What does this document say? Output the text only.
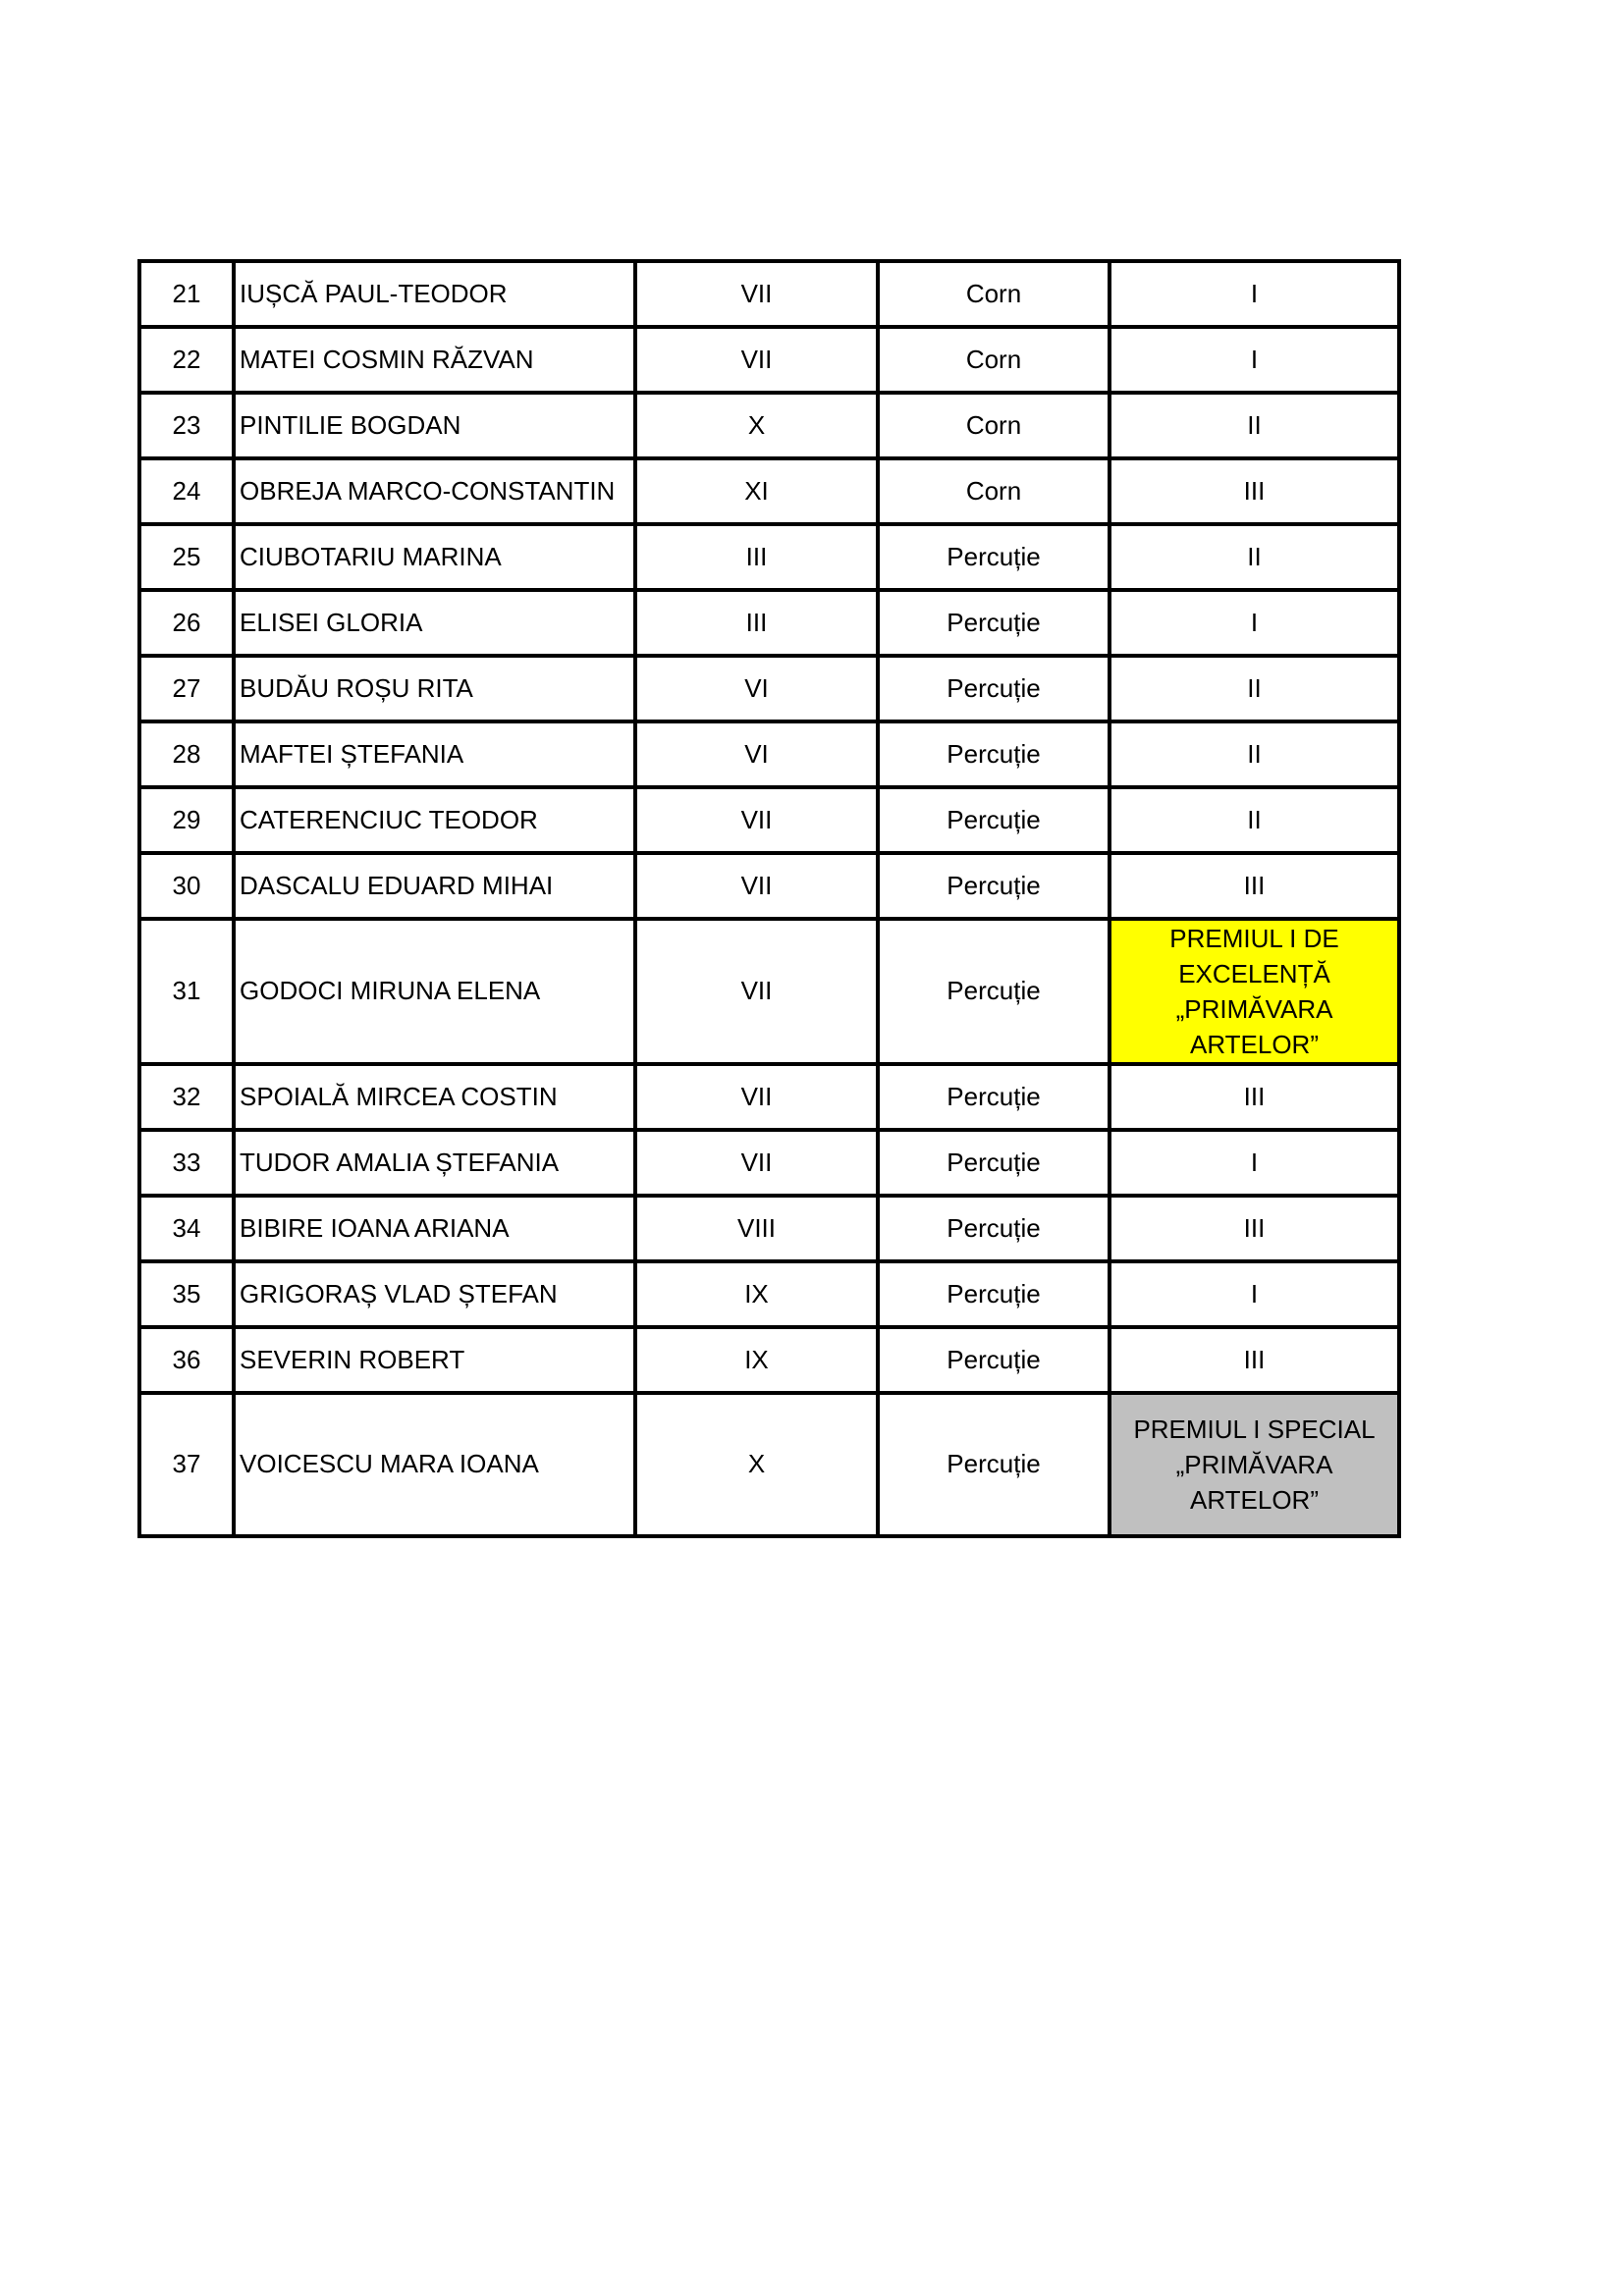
21	IUȘCĂ PAUL-TEODOR	VII	Corn	I
22	MATEI COSMIN RĂZVAN	VII	Corn	I
23	PINTILIE BOGDAN	X	Corn	II
24	OBREJA MARCO-CONSTANTIN	XI	Corn	III
25	CIUBOTARIU MARINA	III	Percuție	II
26	ELISEI GLORIA	III	Percuție	I
27	BUDĂU ROȘU RITA	VI	Percuție	II
28	MAFTEI ȘTEFANIA	VI	Percuție	II
29	CATERENCIUC TEODOR	VII	Percuție	II
30	DASCALU EDUARD MIHAI	VII	Percuție	III
31	GODOCI MIRUNA ELENA	VII	Percuție	PREMIUL I DE
EXCELENȚĂ
„PRIMĂVARA
ARTELOR”

32	SPOIALĂ MIRCEA COSTIN	VII	Percuție	III
33	TUDOR AMALIA ȘTEFANIA	VII	Percuție	I
34	BIBIRE IOANA ARIANA	VIII	Percuție	III
35	GRIGORAȘ VLAD ȘTEFAN	IX	Percuție	I
36	SEVERIN ROBERT	IX	Percuție	III
37	VOICESCU MARA IOANA	X	Percuție	PREMIUL I SPECIAL
„PRIMĂVARA
ARTELOR”
